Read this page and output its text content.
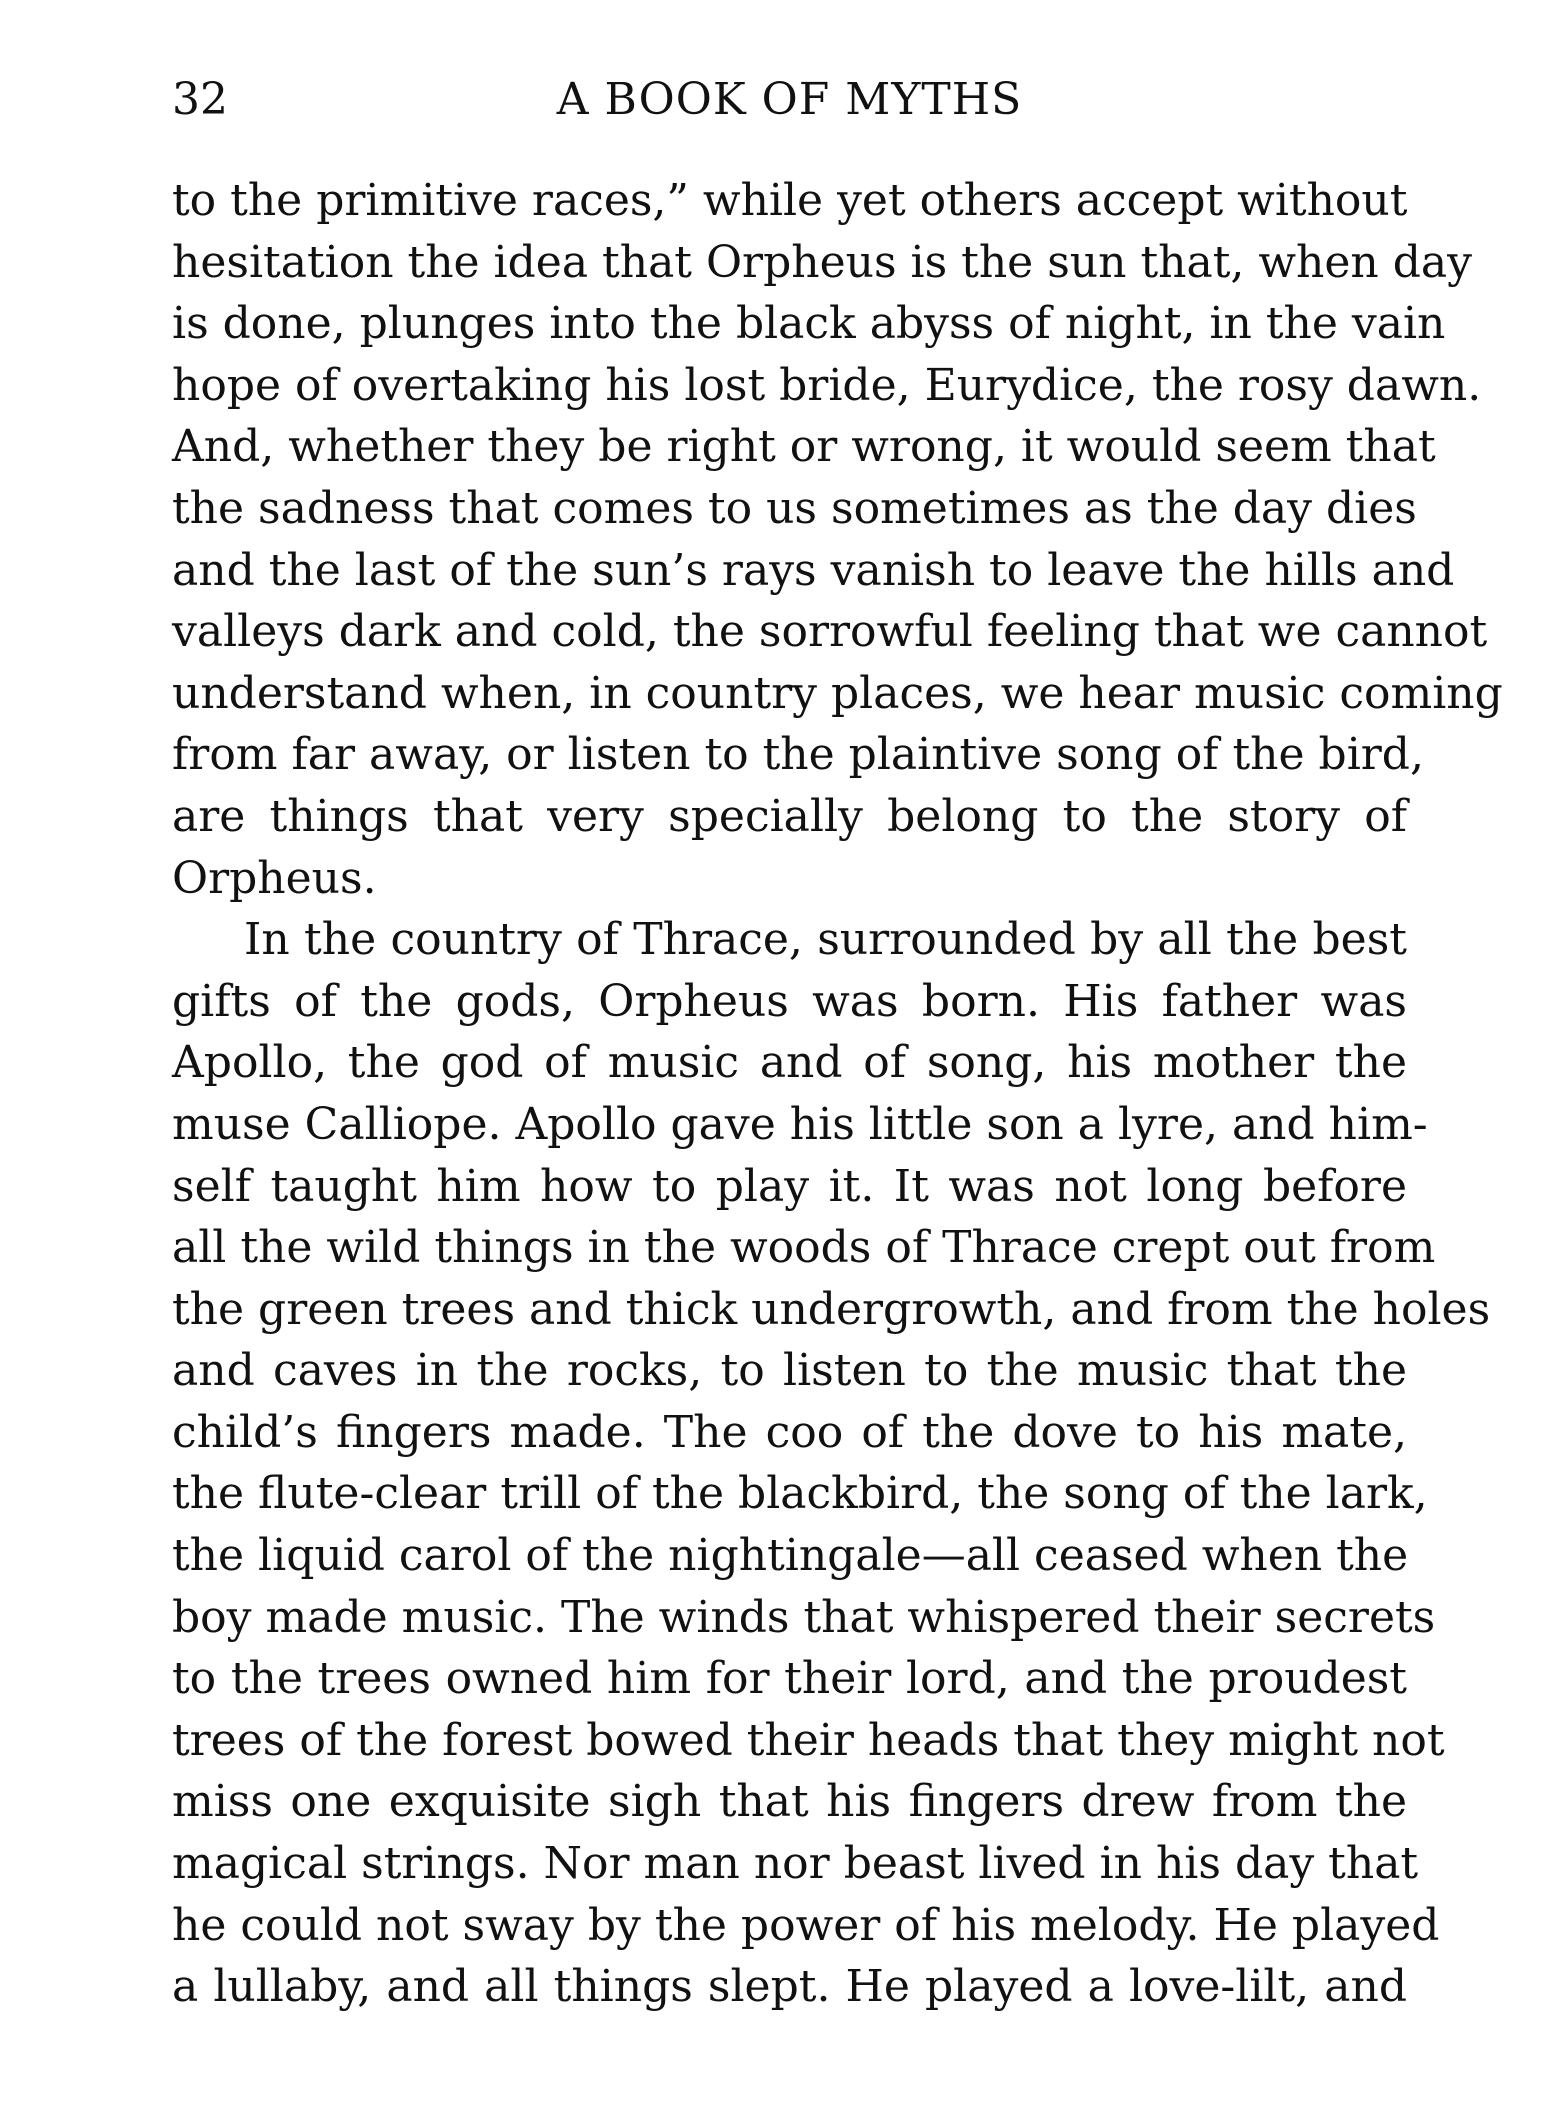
32	A BOOK OF MYTHS
to the primitive races,” while yet others accept without
hesitation the idea that Orpheus is the sun that, when day
is done, plunges into the black abyss of night, in the vain
hope of overtaking his lost bride, Eurydice, the rosy dawn.
And, whether they be right or wrong, it would seem that
the sadness that comes to us sometimes as the day dies
and the last of the sun’s rays vanish to leave the hills and
valleys dark and cold, the sorrowful feeling that we cannot
understand when, in country places, we hear music coming
from far away, or listen to the plaintive song of the bird,
are things that very specially belong to the story of
Orpheus.
In the country of Thrace, surrounded by all the best
gifts of the gods, Orpheus was born. His father was
Apollo, the god of music and of song, his mother the
muse Calliope. Apollo gave his little son a lyre, and him-
self taught him how to play it. It was not long before
all the wild things in the woods of Thrace crept out from
the green trees and thick undergrowth, and from the holes
and caves in the rocks, to listen to the music that the
child’s fingers made. The coo of the dove to his mate,
the flute-clear trill of the blackbird, the song of the lark,
the liquid carol of the nightingale—all ceased when the
boy made music. The winds that whispered their secrets
to the trees owned him for their lord, and the proudest
trees of the forest bowed their heads that they might not
miss one exquisite sigh that his fingers drew from the
magical strings. Nor man nor beast lived in his day that
he could not sway by the power of his melody. He played
a lullaby, and all things slept. He played a love-lilt, and
